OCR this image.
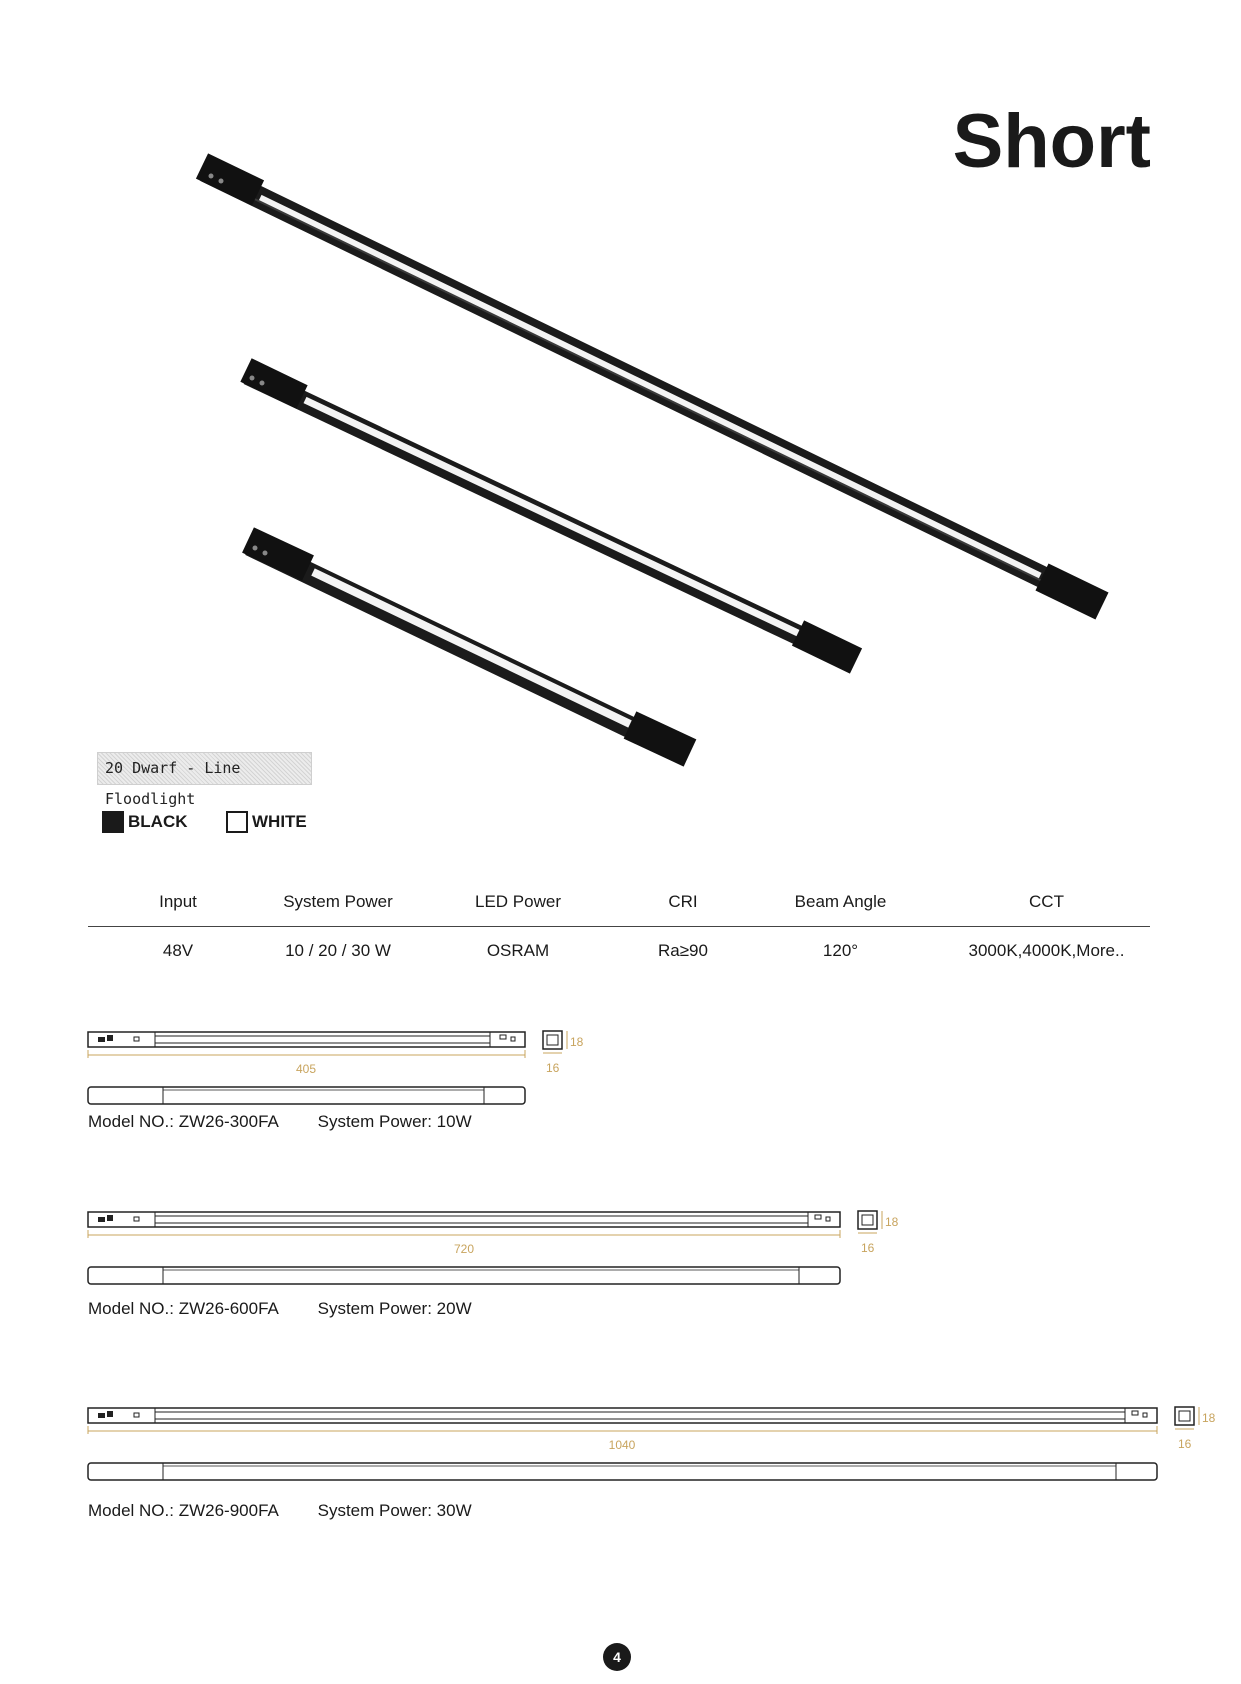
Short
20 Dwarf - Line Floodlight
BLACK	WHITE
Input	System Power	LED Power	CRI	Beam Angle	CCT
48V	10 / 20 / 30 W	OSRAM	Ra≥90	120°	3000K,4000K,More..
405
18
16
720
18
16
1040
18
16
Model NO.: ZW26-300FA System Power: 10W
Model NO.: ZW26-600FA System Power: 20W
Model NO.: ZW26-900FA System Power: 30W
4
